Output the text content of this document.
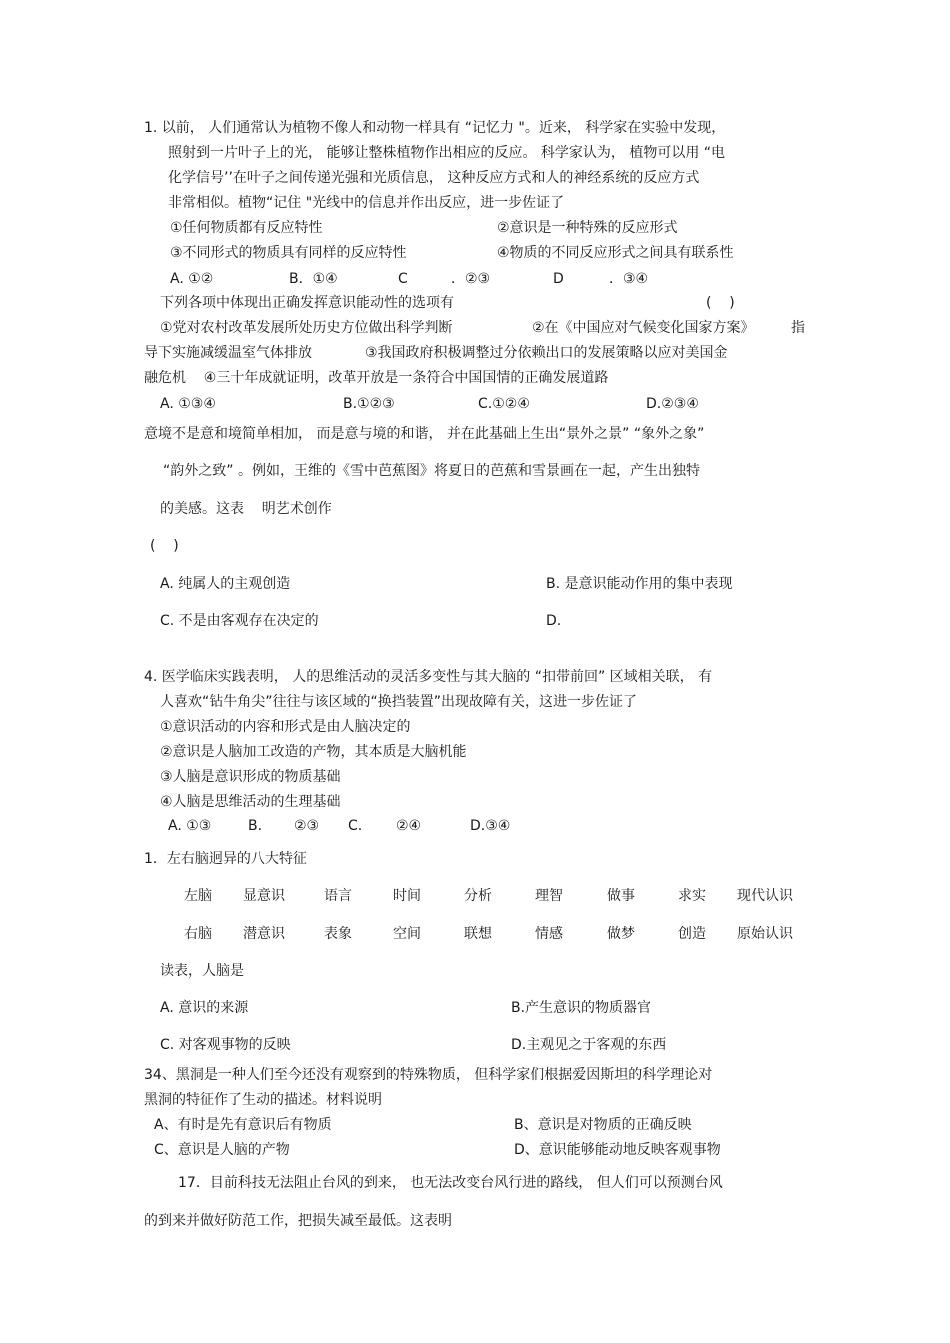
1. 以前， 人们通常认为植物不像人和动物一样具有 “记忆力 "。近来， 科学家在实验中发现，
照射到一片叶子上的光， 能够让整株植物作出相应的反应。 科学家认为， 植物可以用 “电
化学信号’’在叶子之间传递光强和光质信息， 这种反应方式和人的神经系统的反应方式
非常相似。植物“记住 "光线中的信息并作出反应，进一步佐证了
①任何物质都有反应特性	②意识是一种特殊的反应形式
③不同形式的物质具有同样的反应特性	④物质的不同反应形式之间具有联系性
A. ①②	B．①④	C	．②③	D	．③④
下列各项中体现出正确发挥意识能动性的选项有	(    )
①党对农村改革发展所处历史方位做出科学判断	②在《中国应对气候变化国家方案》	指
导下实施减缓温室气体排放	③我国政府积极调整过分依赖出口的发展策略以应对美国金
融危机    ④三十年成就证明，改革开放是一条符合中国国情的正确发展道路
A. ①③④	B.①②③	C.①②④	D.②③④
意境不是意和境简单相加， 而是意与境的和谐， 并在此基础上生出“景外之景” “象外之象”
“韵外之致” 。例如，王维的《雪中芭蕉图》将夏日的芭蕉和雪景画在一起，产生出独特
的美感。这表    明艺术创作
(    )
A. 纯属人的主观创造	B. 是意识能动作用的集中表现
C. 不是由客观存在决定的	D.
4. 医学临床实践表明， 人的思维活动的灵活多变性与其大脑的 “扣带前回” 区域相关联， 有
人喜欢“钻牛角尖”往往与该区域的“换挡装置”出现故障有关，这进一步佐证了
①意识活动的内容和形式是由人脑决定的
②意识是人脑加工改造的产物，其本质是大脑机能
③人脑是意识形成的物质基础
④人脑是思维活动的生理基础
A. ①③	B. ②③ C. ②④	D.③④
1．左右脑迥异的八大特征
左脑 显意识	语言	时间	分析	理智	做事	求实 现代认识
右脑 潜意识	表象	空间	联想	情感	做梦	创造 原始认识
读表，人脑是
A. 意识的来源	B.产生意识的物质器官
C. 对客观事物的反映	D.主观见之于客观的东西
34、黑洞是一种人们至今还没有观察到的特殊物质， 但科学家们根据爱因斯坦的科学理论对
黑洞的特征作了生动的描述。材料说明
A、有时是先有意识后有物质	B、意识是对物质的正确反映
C、意识是人脑的产物	D、意识能够能动地反映客观事物
17．目前科技无法阻止台风的到来， 也无法改变台风行进的路线， 但人们可以预测台风
的到来并做好防范工作，把损失减至最低。这表明
